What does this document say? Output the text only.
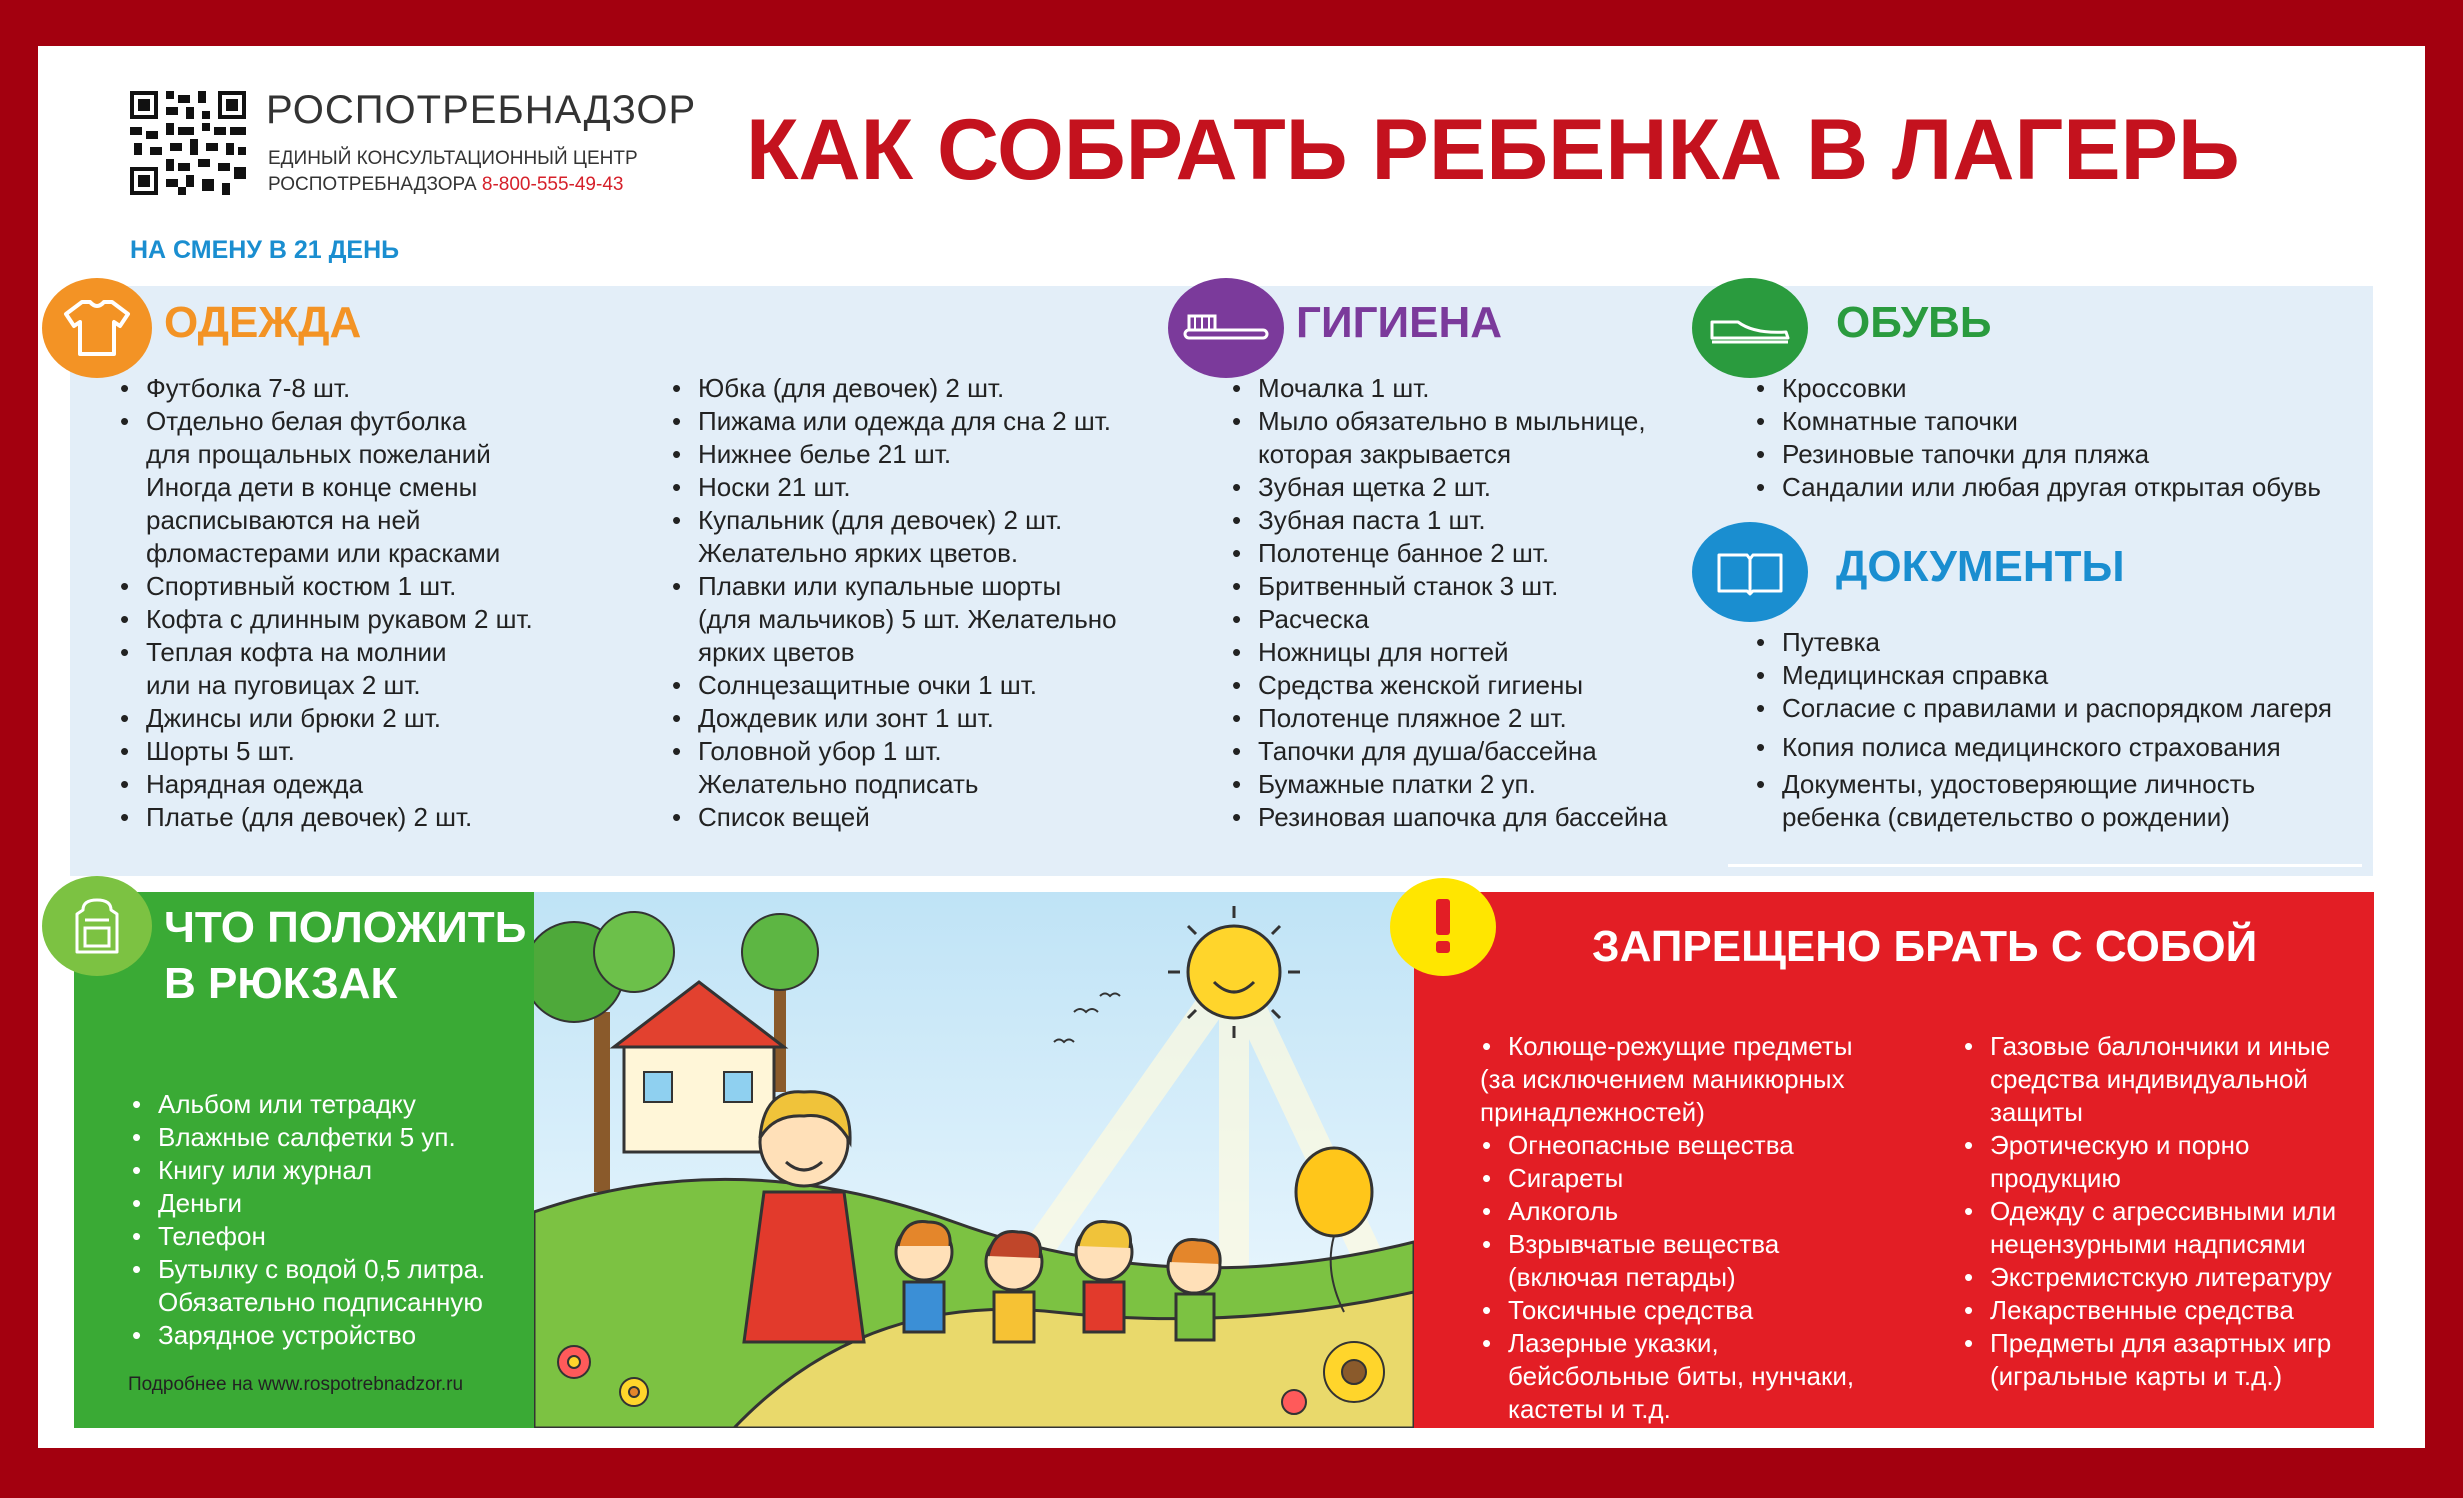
РОСПОТРЕБНАДЗОР
ЕДИНЫЙ КОНСУЛЬТАЦИОННЫЙ ЦЕНТР
РОСПОТРЕБНАДЗОРА 8-800-555-49-43 КАК СОБРАТЬ РЕБЕНКА В ЛАГЕРЬ
НА СМЕНУ В 21 ДЕНЬ
ОДЕЖДА
• Футболка 7-8 шт.
• Отдельно белая футболка
для прощальных пожеланий
Иногда дети в конце смены
расписываются на ней
фломастерами или красками
• Спортивный костюм 1 шт.
• Кофта с длинным рукавом 2 шт.
• Теплая кофта на молнии
или на пуговицах 2 шт.
• Джинсы или брюки 2 шт.
• Шорты 5 шт.
• Нарядная одежда
• Платье (для девочек) 2 шт.
• Юбка (для девочек) 2 шт.
• Пижама или одежда для сна 2 шт.
• Нижнее белье 21 шт.
• Носки 21 шт.
• Купальник (для девочек) 2 шт.
Желательно ярких цветов.
• Плавки или купальные шорты
(для мальчиков) 5 шт. Желательно
ярких цветов
• Солнцезащитные очки 1 шт.
• Дождевик или зонт 1 шт.
• Головной убор 1 шт.
Желательно подписать
• Список вещей
ГИГИЕНА
• Мочалка 1 шт.
• Мыло обязательно в мыльнице,
которая закрывается
• Зубная щетка 2 шт.
• Зубная паста 1 шт.
• Полотенце банное 2 шт.
• Бритвенный станок 3 шт.
• Расческа
• Ножницы для ногтей
• Средства женской гигиены
• Полотенце пляжное 2 шт.
• Тапочки для душа/бассейна
• Бумажные платки 2 уп.
• Резиновая шапочка для бассейна
ОБУВЬ
• Кроссовки
• Комнатные тапочки
• Резиновые тапочки для пляжа
• Сандалии или любая другая открытая обувь
ДОКУМЕНТЫ
• Путевка
• Медицинская справка
• Согласие с правилами и распорядком лагеря
• Копия полиса медицинского страхования
• Документы, удостоверяющие личность
ребенка (свидетельство о рождении)
ЧТО ПОЛОЖИТЬ
В РЮКЗАК
• Альбом или тетрадку
• Влажные салфетки 5 уп.
• Книгу или журнал
• Деньги
• Телефон
• Бутылку с водой 0,5 литра.
Обязательно подписанную
• Зарядное устройство
Подробнее на www.rospotrebnadzor.ru
ЗАПРЕЩЕНО БРАТЬ С СОБОЙ
• Колюще-режущие предметы
(за исключением маникюрных
принадлежностей)
• Огнеопасные вещества
• Сигареты
• Алкоголь
• Взрывчатые вещества
(включая петарды)
• Токсичные средства
• Лазерные указки,
бейсбольные биты, нунчаки,
кастеты и т.д.
• Газовые баллончики и иные
средства индивидуальной
защиты
• Эротическую и порно
продукцию
• Одежду с агрессивными или
нецензурными надписями
• Экстремистскую литературу
• Лекарственные средства
• Предметы для азартных игр
(игральные карты и т.д.)
